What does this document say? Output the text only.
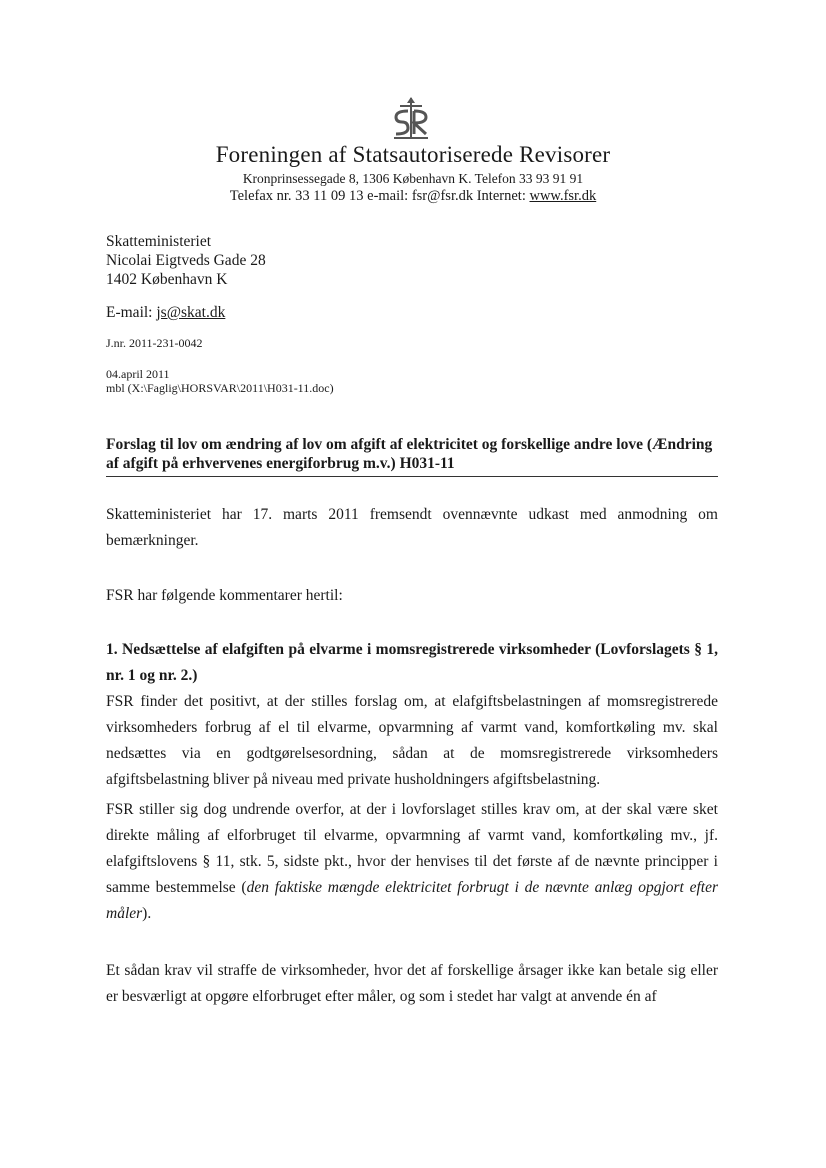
Foreningen af Statsautoriserede Revisorer
Kronprinsessegade 8, 1306 København K. Telefon 33 93 91 91
Telefax nr. 33 11 09 13 e-mail: fsr@fsr.dk Internet: www.fsr.dk
Skatteministeriet
Nicolai Eigtveds Gade 28
1402 København K
E-mail: js@skat.dk
J.nr. 2011-231-0042
04.april 2011
mbl (X:\Faglig\HORSVAR\2011\H031-11.doc)
Forslag til lov om ændring af lov om afgift af elektricitet og forskellige andre love (Ændring af afgift på erhvervenes energiforbrug m.v.) H031-11

Skatteministeriet har 17. marts 2011 fremsendt ovennævnte udkast med anmodning om bemærkninger.

FSR har følgende kommentarer hertil:

1. Nedsættelse af elafgiften på elvarme i momsregistrerede virksomheder (Lovforslagets § 1, nr. 1 og nr. 2.)

FSR finder det positivt, at der stilles forslag om, at elafgiftsbelastningen af momsregistrerede virksomheders forbrug af el til elvarme, opvarmning af varmt vand, komfortkøling mv. skal nedsættes via en godtgørelsesordning, sådan at de momsregistrerede virksomheders afgiftsbelastning bliver på niveau med private husholdningers afgiftsbelastning.

FSR stiller sig dog undrende overfor, at der i lovforslaget stilles krav om, at der skal være sket direkte måling af elforbruget til elvarme, opvarmning af varmt vand, komfortkøling mv., jf. elafgiftslovens § 11, stk. 5, sidste pkt., hvor der henvises til det første af de nævnte principper i samme bestemmelse (den faktiske mængde elektricitet forbrugt i de nævnte anlæg opgjort efter måler).

Et sådan krav vil straffe de virksomheder, hvor det af forskellige årsager ikke kan betale sig eller er besværligt at opgøre elforbruget efter måler, og som i stedet har valgt at anvende én af
